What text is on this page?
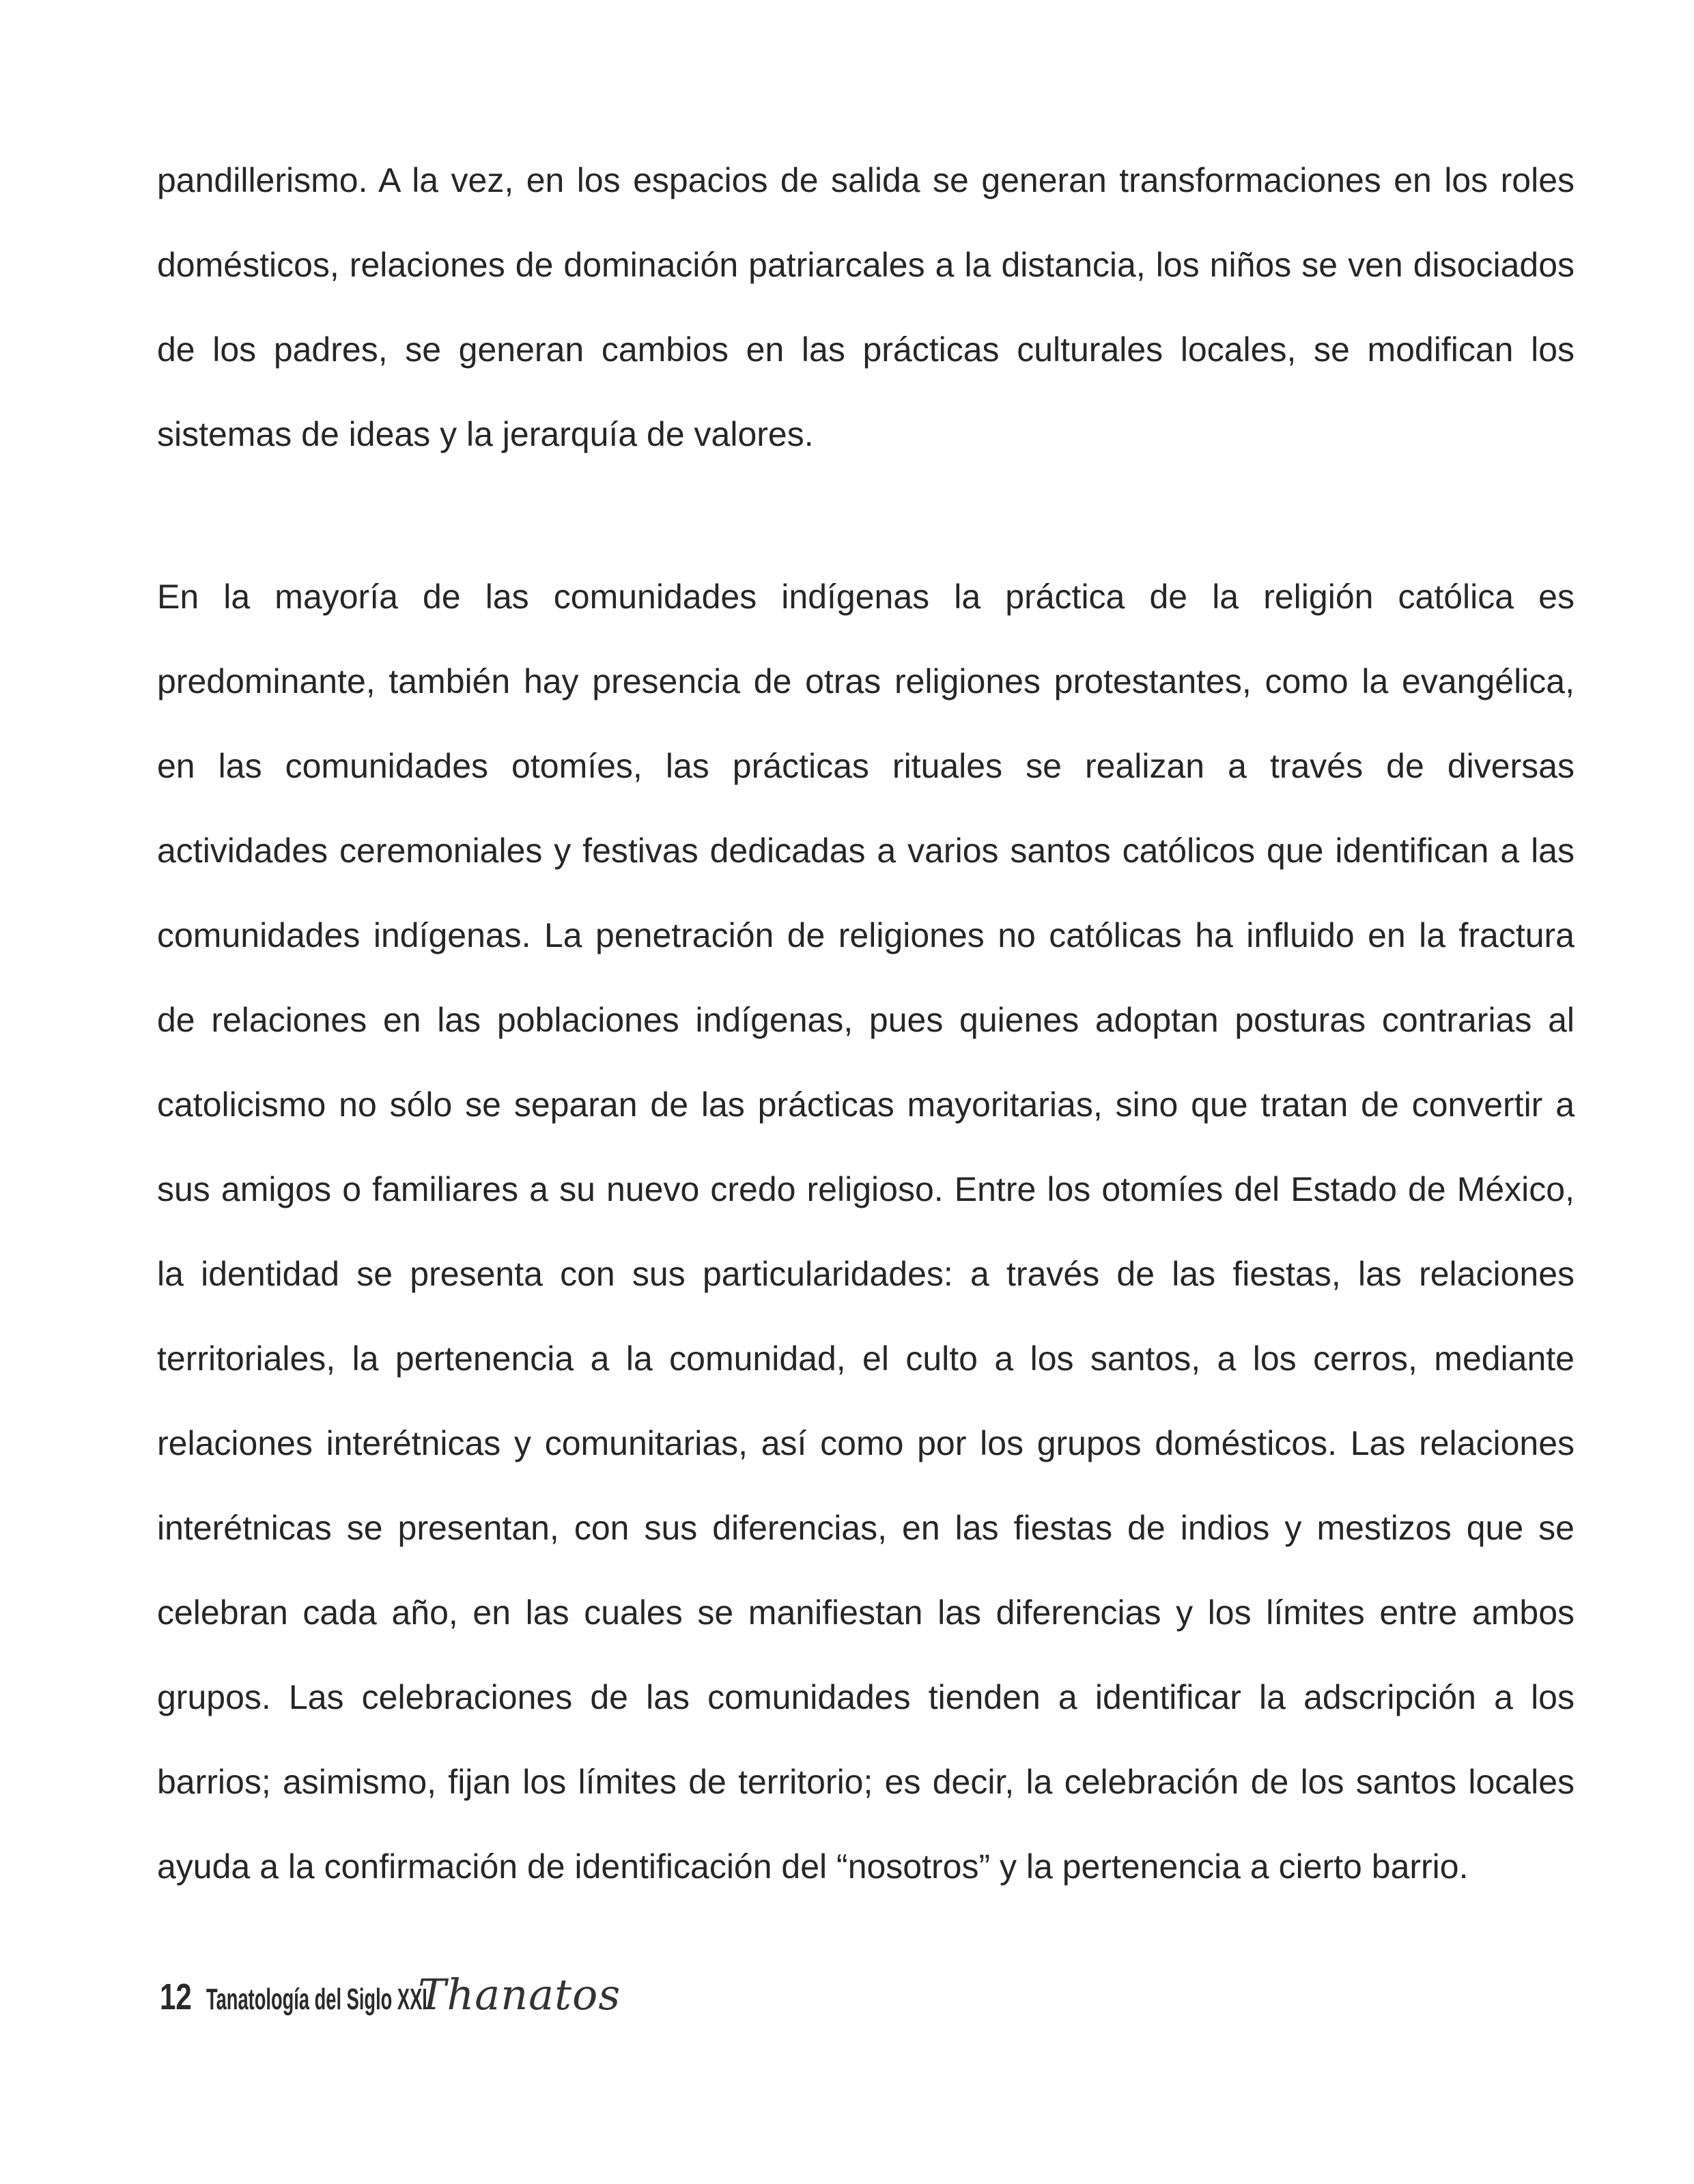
pandillerismo. A la vez, en los espacios de salida se generan transformaciones en los roles domésticos, relaciones de dominación patriarcales a la distancia, los niños se ven disociados de los padres, se generan cambios en las prácticas culturales locales, se modifican los sistemas de ideas y la jerarquía de valores.

En la mayoría de las comunidades indígenas la práctica de la religión católica es predominante, también hay presencia de otras religiones protestantes, como la evangélica, en las comunidades otomíes, las prácticas rituales se realizan a través de diversas actividades ceremoniales y festivas dedicadas a varios santos católicos que identifican a las comunidades indígenas. La penetración de religiones no católicas ha influido en la fractura de relaciones en las poblaciones indígenas, pues quienes adoptan posturas contrarias al catolicismo no sólo se separan de las prácticas mayoritarias, sino que tratan de convertir a sus amigos o familiares a su nuevo credo religioso. Entre los otomíes del Estado de México, la identidad se presenta con sus particularidades: a través de las fiestas, las relaciones territoriales, la pertenencia a la comunidad, el culto a los santos, a los cerros, mediante relaciones interétnicas y comunitarias, así como por los grupos domésticos. Las relaciones interétnicas se presentan, con sus diferencias, en las fiestas de indios y mestizos que se celebran cada año, en las cuales se manifiestan las diferencias y los límites entre ambos grupos. Las celebraciones de las comunidades tienden a identificar la adscripción a los barrios; asimismo, fijan los límites de territorio; es decir, la celebración de los santos locales ayuda a la confirmación de identificación del “nosotros” y la pertenencia a cierto barrio.

12 Tanatología del Siglo XXI
Thanatos
